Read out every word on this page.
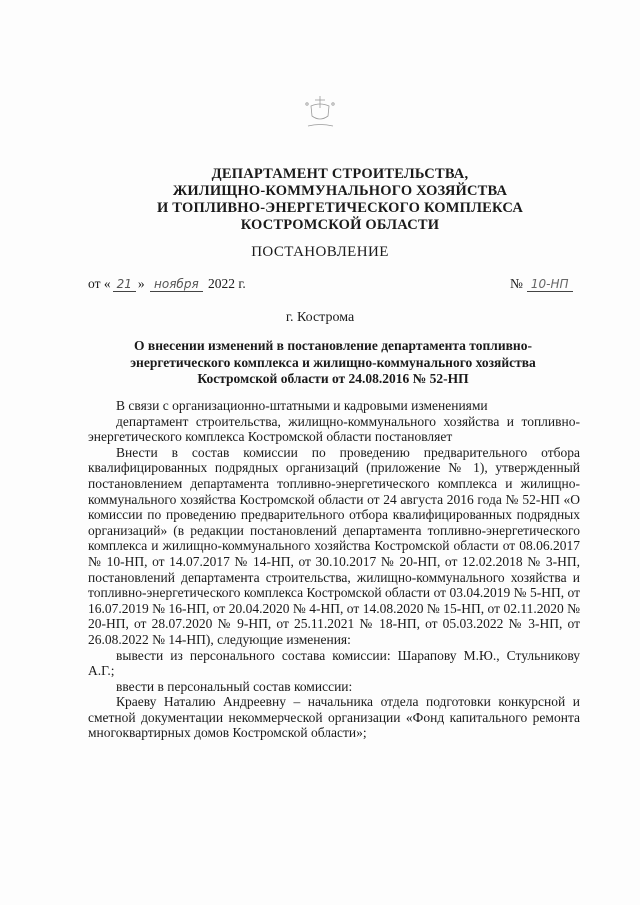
ДЕПАРТАМЕНТ СТРОИТЕЛЬСТВА,
ЖИЛИЩНО-КОММУНАЛЬНОГО ХОЗЯЙСТВА
И ТОПЛИВНО-ЭНЕРГЕТИЧЕСКОГО КОМПЛЕКСА
КОСТРОМСКОЙ ОБЛАСТИ
ПОСТАНОВЛЕНИЕ
от « 21 » ноября 2022 г.	№ 10-НП
г. Кострома
О внесении изменений в постановление департамента топливно-
энергетического комплекса и жилищно-коммунального хозяйства
Костромской области от 24.08.2016 № 52-НП

В связи с организационно-штатными и кадровыми изменениями

департамент строительства, жилищно-коммунального хозяйства и топливно-энергетического комплекса Костромской области постановляет

Внести в состав комиссии по проведению предварительного отбора квалифицированных подрядных организаций (приложение № 1), утвержденный постановлением департамента топливно-энергетического комплекса и жилищно-коммунального хозяйства Костромской области от 24 августа 2016 года № 52-НП «О комиссии по проведению предварительного отбора квалифицированных подрядных организаций» (в редакции постановлений департамента топливно-энергетического комплекса и жилищно-коммунального хозяйства Костромской области от 08.06.2017 № 10-НП, от 14.07.2017 № 14-НП, от 30.10.2017 № 20-НП, от 12.02.2018 № 3-НП, постановлений департамента строительства, жилищно-коммунального хозяйства и топливно-энергетического комплекса Костромской области от 03.04.2019 № 5-НП, от 16.07.2019 № 16-НП, от 20.04.2020 № 4-НП, от 14.08.2020 № 15-НП, от 02.11.2020 № 20-НП, от 28.07.2020 № 9-НП, от 25.11.2021 № 18-НП, от 05.03.2022 № 3-НП, от 26.08.2022 № 14-НП), следующие изменения:

вывести из персонального состава комиссии: Шарапову М.Ю., Стульникову А.Г.;

ввести в персональный состав комиссии:

Краеву Наталию Андреевну – начальника отдела подготовки конкурсной и сметной документации некоммерческой организации «Фонд капитального ремонта многоквартирных домов Костромской области»;
